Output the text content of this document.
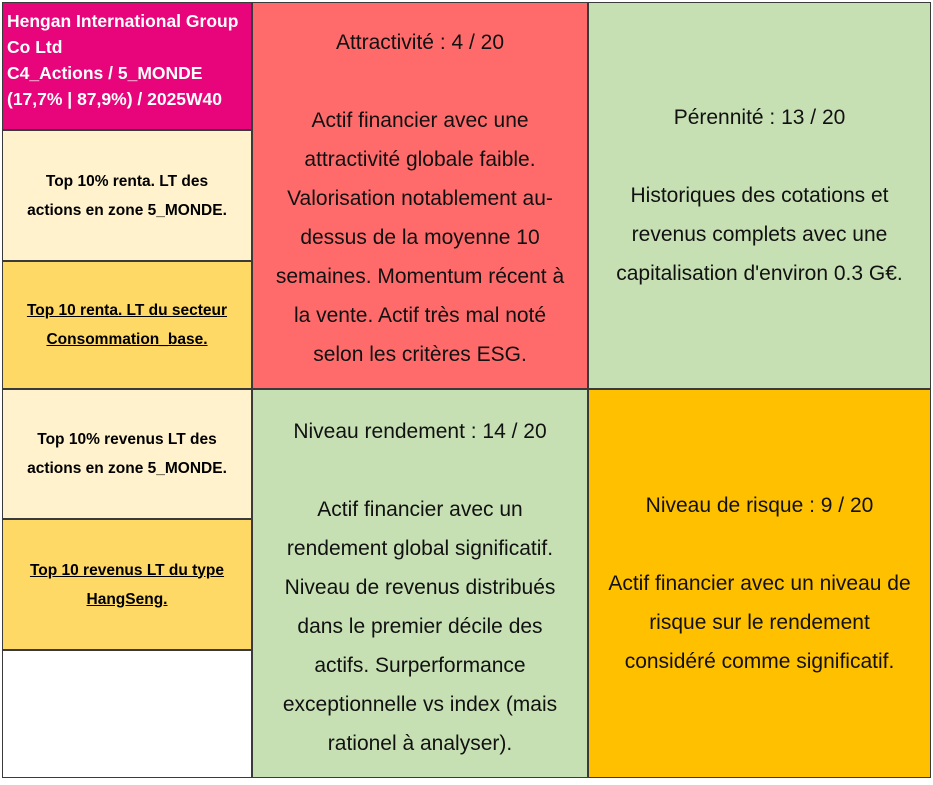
Hengan International Group
Co Ltd
C4_Actions / 5_MONDE
(17,7% | 87,9%) / 2025W40
Top 10% renta. LT des
actions en zone 5_MONDE.
Top 10 renta. LT du secteur
Consommation_base.
Top 10% revenus LT des
actions en zone 5_MONDE.
Top 10 revenus LT du type
HangSeng.
Attractivité : 4 / 20
Actif financier avec une
attractivité globale faible.
Valorisation notablement au-
dessus de la moyenne 10
semaines. Momentum récent à
la vente. Actif très mal noté
selon les critères ESG.
Pérennité : 13 / 20
Historiques des cotations et
revenus complets avec une
capitalisation d'environ 0.3 G€.
Niveau rendement : 14 / 20
Actif financier avec un
rendement global significatif.
Niveau de revenus distribués
dans le premier décile des
actifs. Surperformance
exceptionnelle vs index (mais
rationel à analyser).
Niveau de risque : 9 / 20
Actif financier avec un niveau de
risque sur le rendement
considéré comme significatif.
